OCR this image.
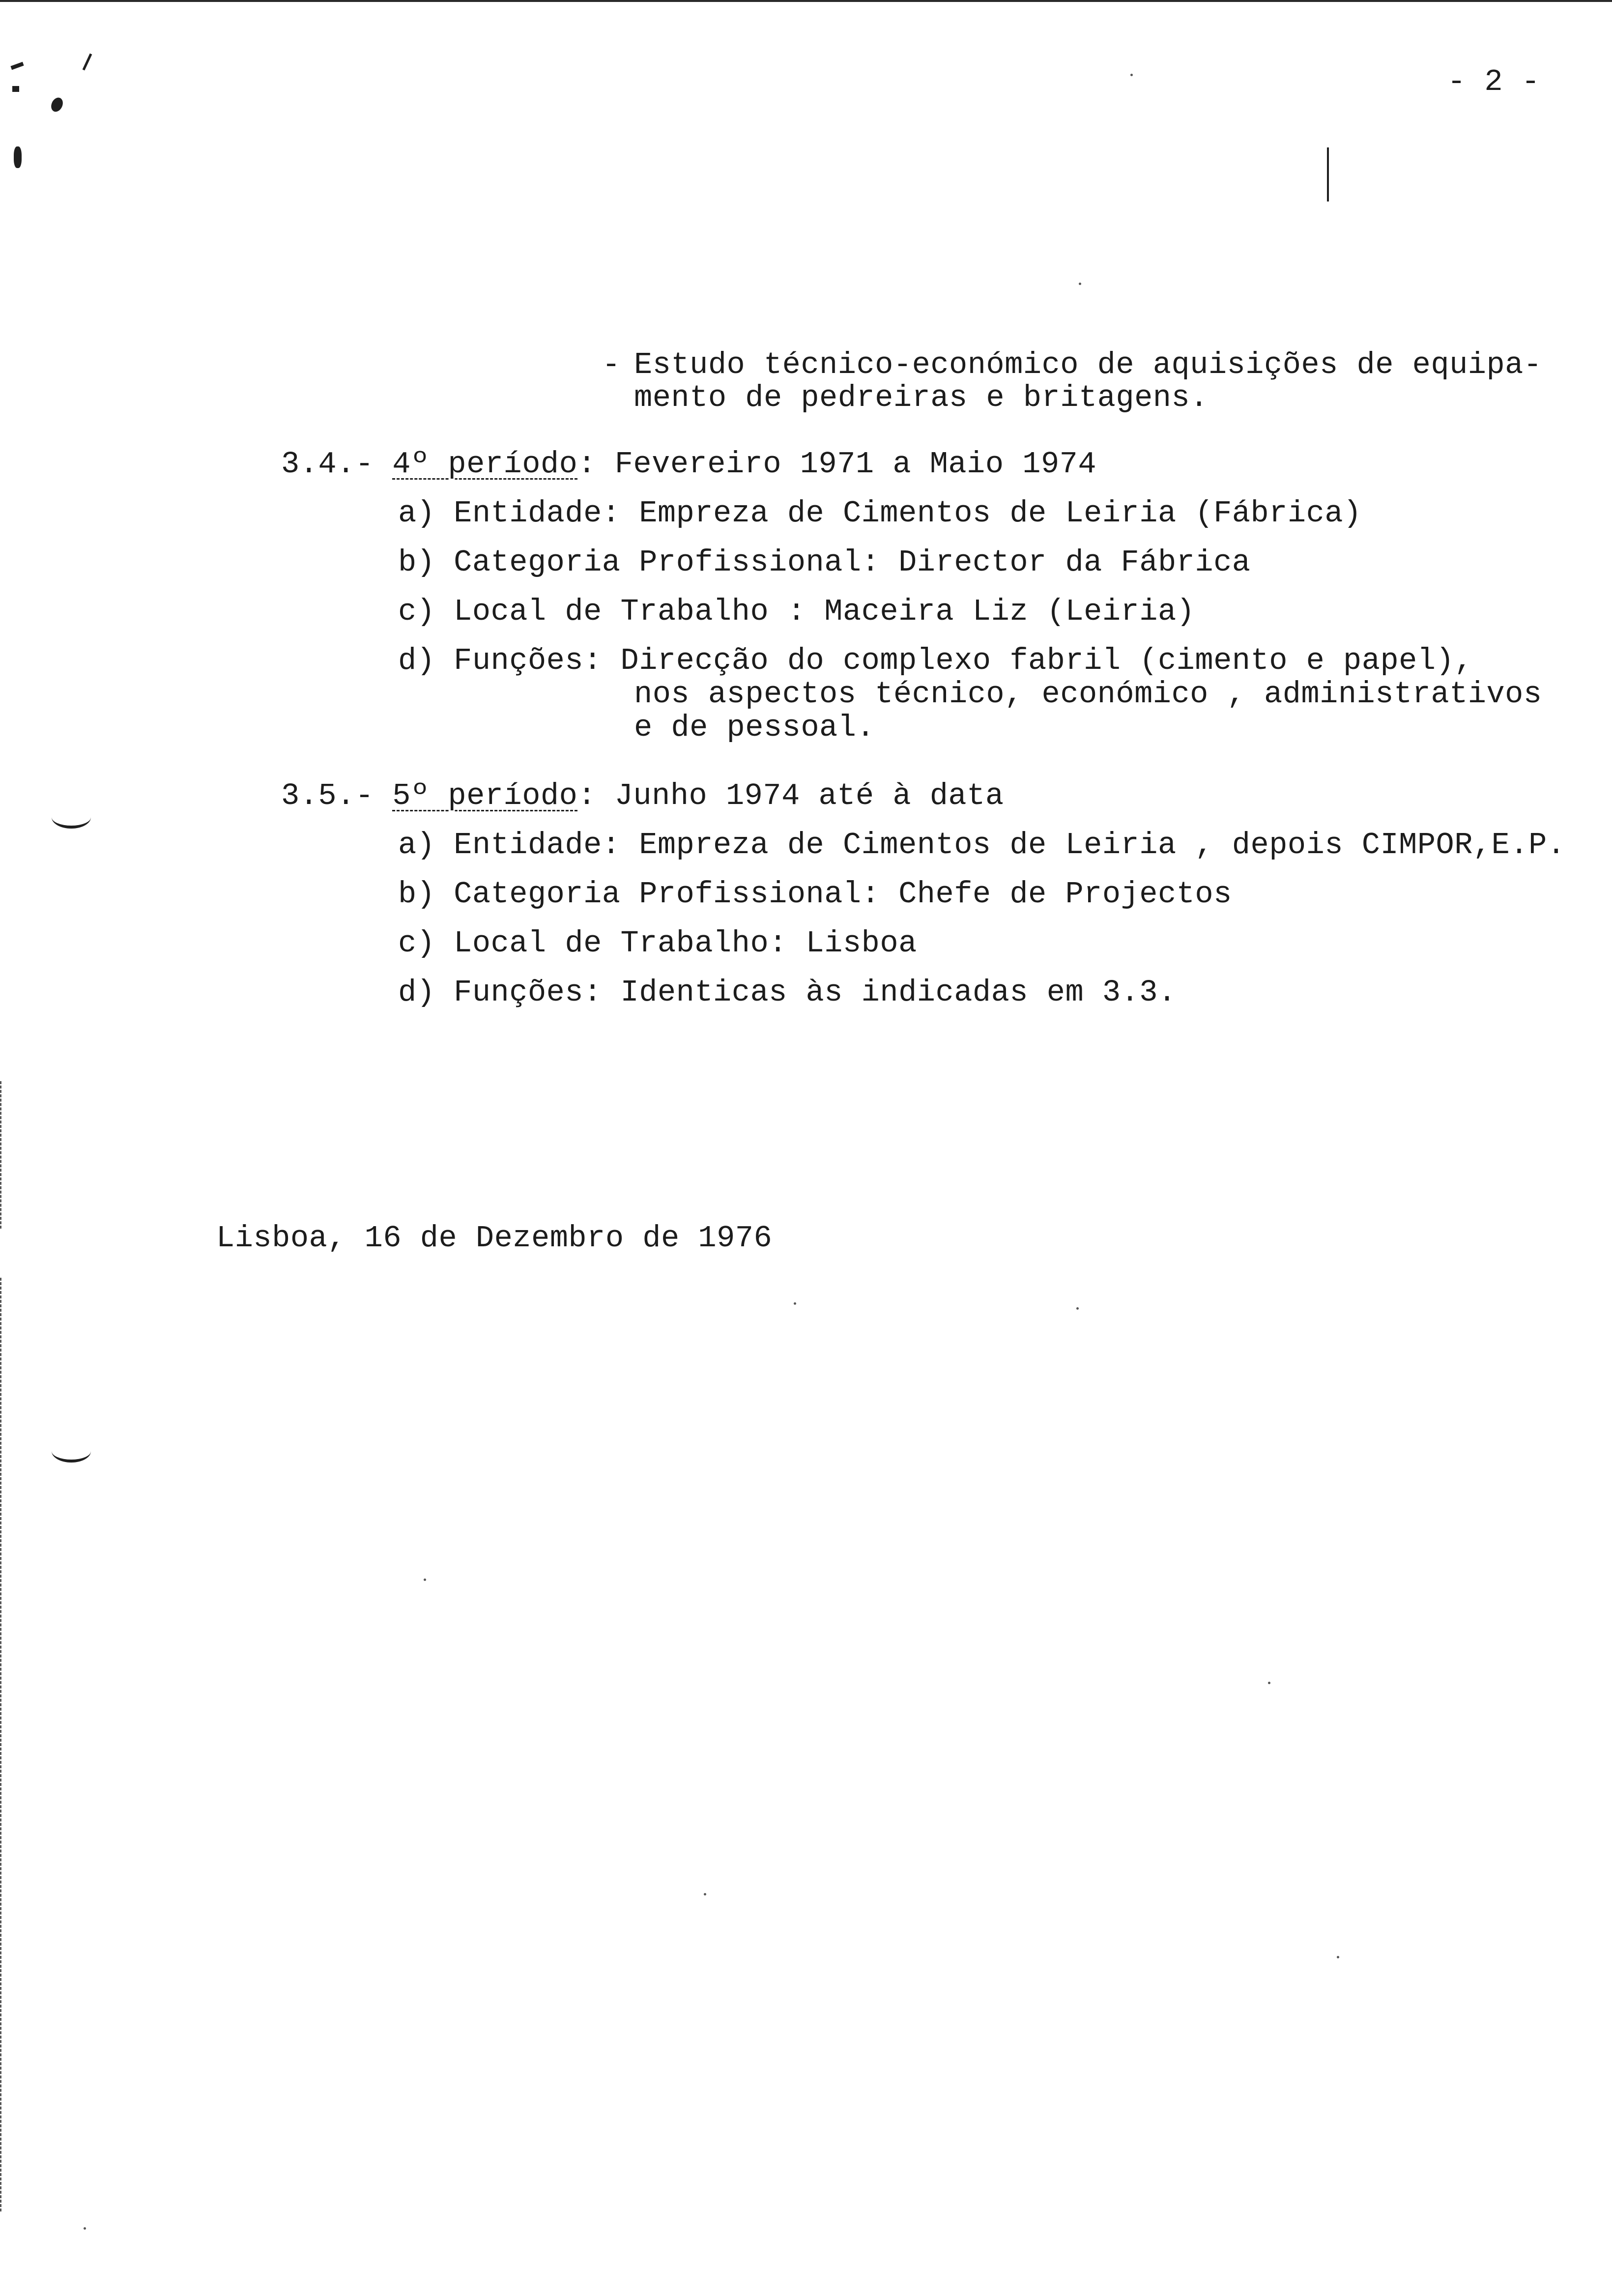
- 2 -
- Estudo técnico-económico de aquisições de equipa-
mento de pedreiras e britagens.
3.4.- 4º período: Fevereiro 1971 a Maio 1974
a) Entidade: Empreza de Cimentos de Leiria (Fábrica)
b) Categoria Profissional: Director da Fábrica
c) Local de Trabalho : Maceira Liz (Leiria)
d) Funções: Direcção do complexo fabril (cimento e papel),
nos aspectos técnico, económico , administrativos
e de pessoal.
3.5.- 5º período: Junho 1974 até à data
a) Entidade: Empreza de Cimentos de Leiria , depois CIMPOR,E.P.
b) Categoria Profissional: Chefe de Projectos
c) Local de Trabalho: Lisboa
d) Funções: Identicas às indicadas em 3.3.
Lisboa, 16 de Dezembro de 1976
